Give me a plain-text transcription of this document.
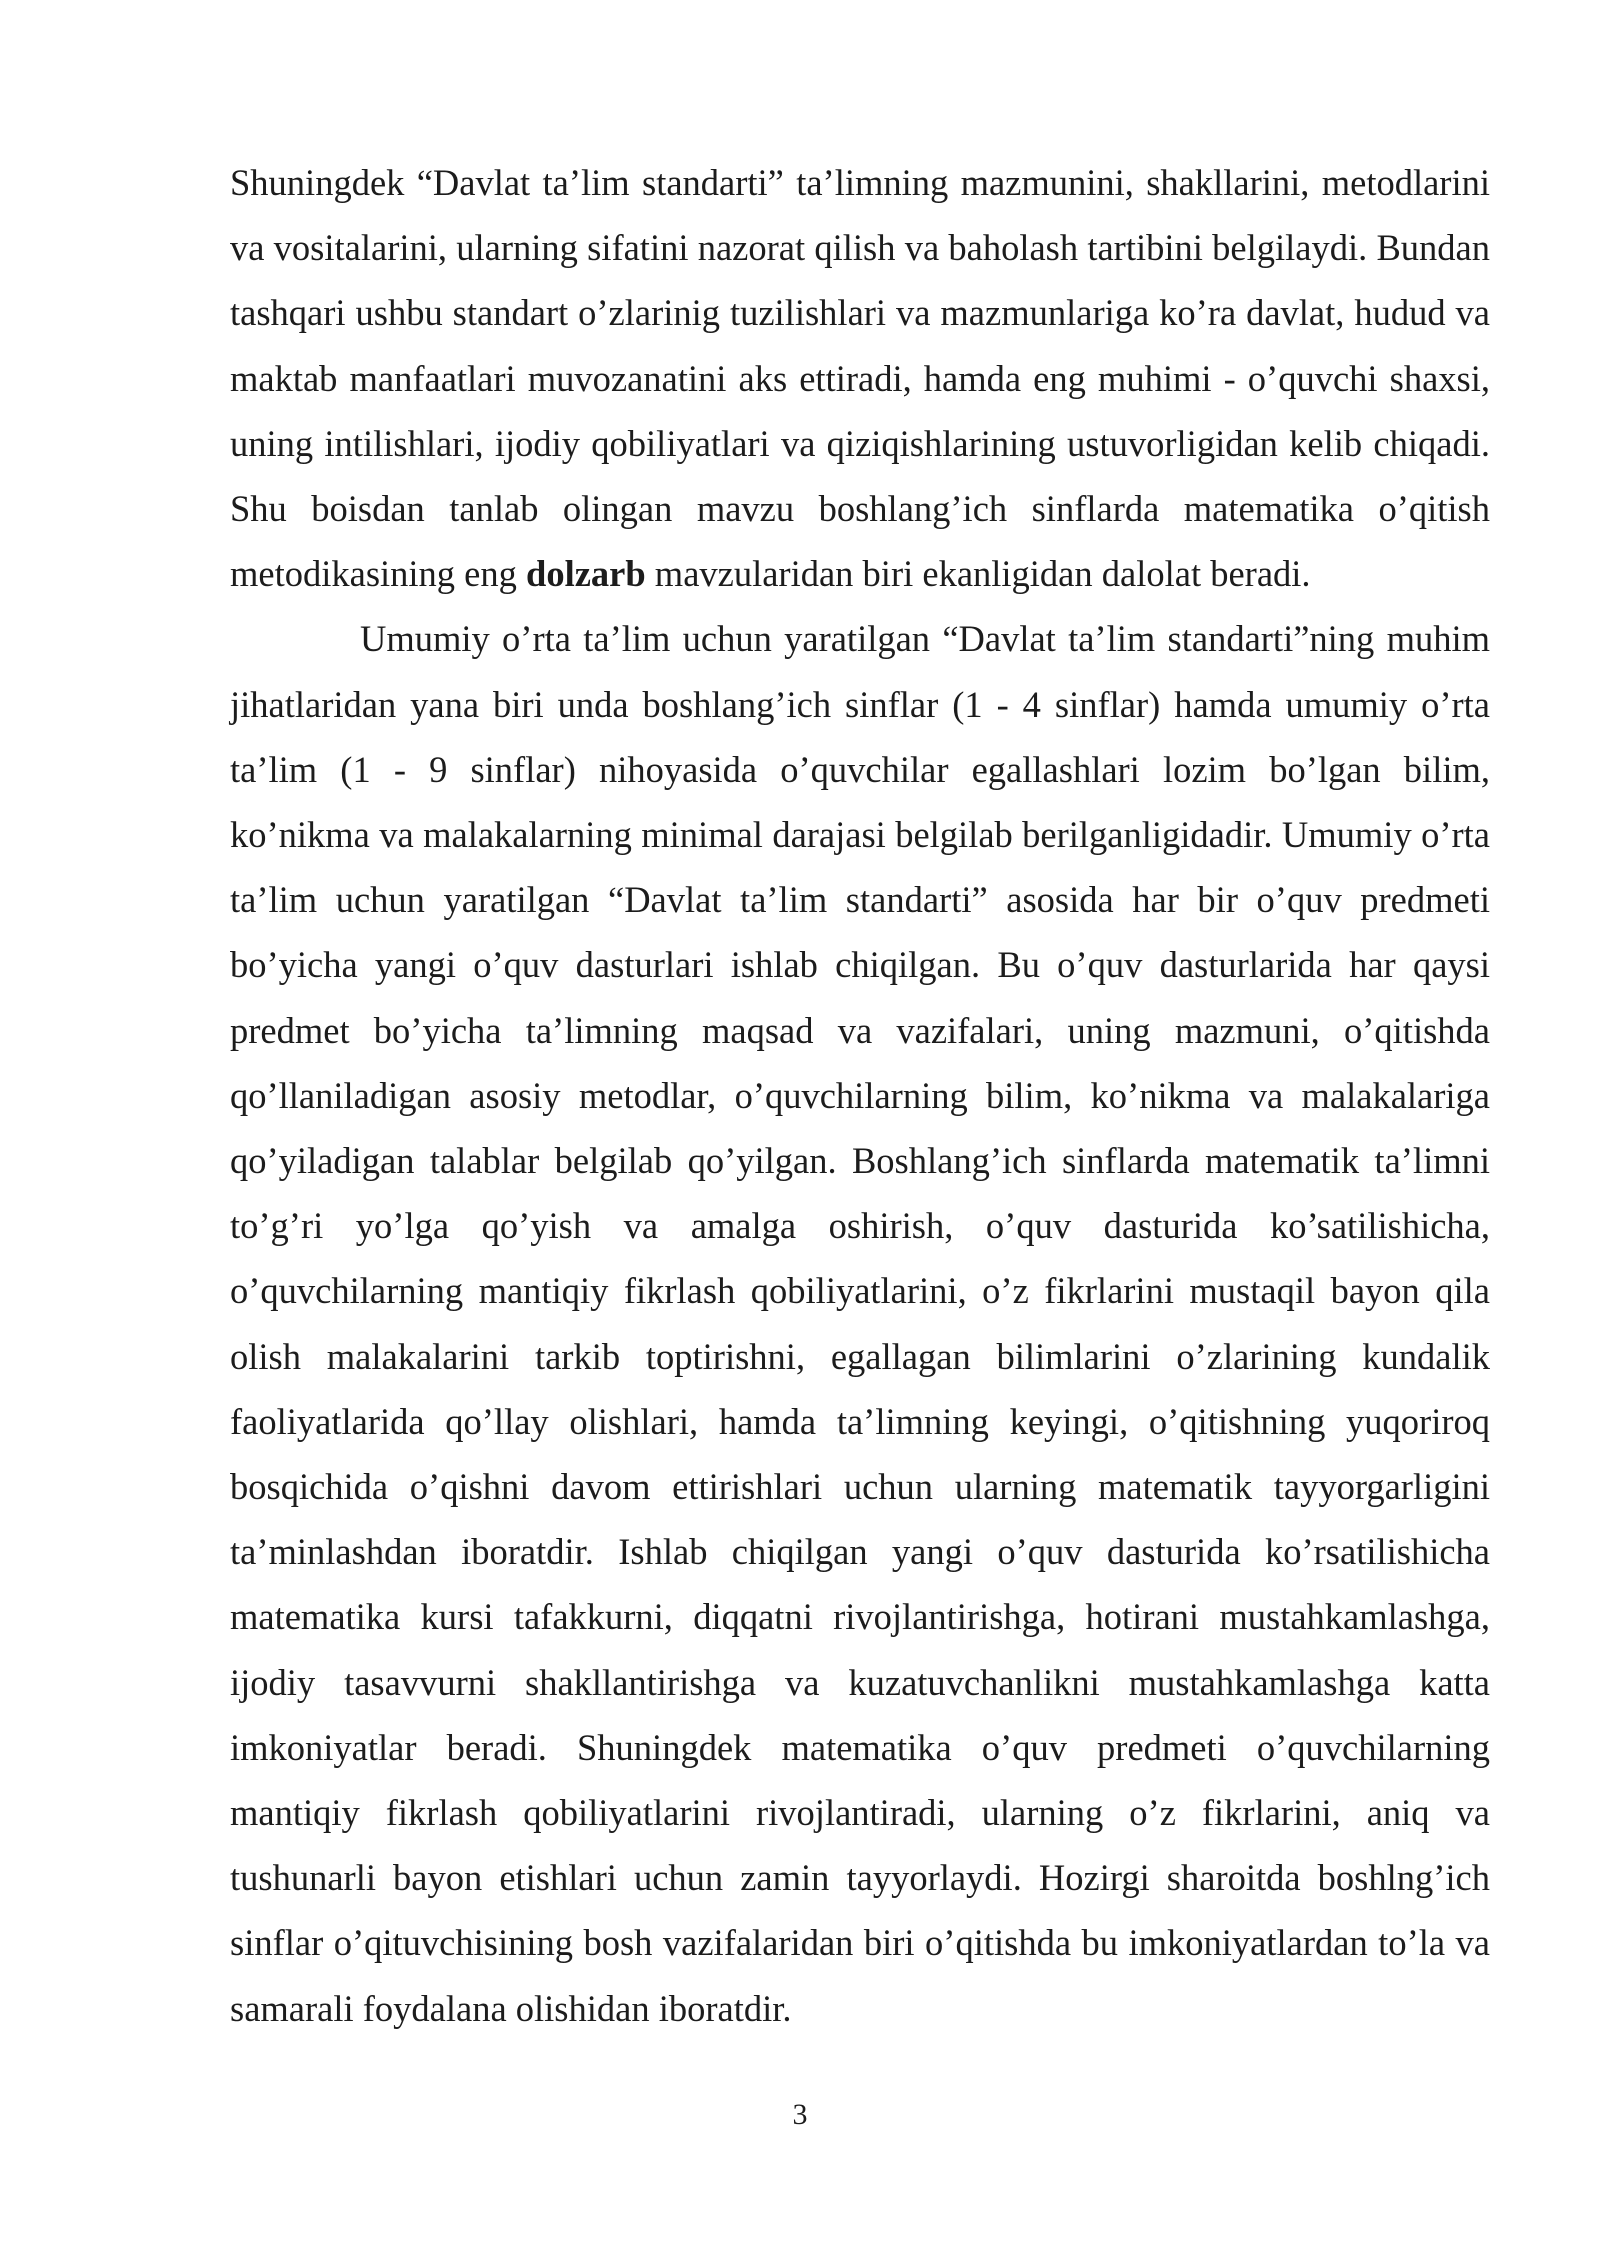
Shuningdek “Davlat ta’lim standarti” ta’limning mazmunini, shakllarini, metodlarini va vositalarini, ularning sifatini nazorat qilish va baholash tartibini belgilaydi. Bundan tashqari ushbu standart o’zlarinig tuzilishlari va mazmunlariga ko’ra davlat, hudud va maktab manfaatlari muvozanatini aks ettiradi, hamda eng muhimi - o’quvchi shaxsi, uning intilishlari, ijodiy qobiliyatlari va qiziqishlarining ustuvorligidan kelib chiqadi. Shu boisdan tanlab olingan mavzu boshlang’ich sinflarda matematika o’qitish metodikasining eng dolzarb mavzularidan biri ekanligidan dalolat beradi.

Umumiy o’rta ta’lim uchun yaratilgan “Davlat ta’lim standarti”ning muhim jihatlaridan yana biri unda boshlang’ich sinflar (1 - 4 sinflar) hamda umumiy o’rta ta’lim (1 - 9 sinflar) nihoyasida o’quvchilar egallashlari lozim bo’lgan bilim, ko’nikma va malakalarning minimal darajasi belgilab berilganligidadir. Umumiy o’rta ta’lim uchun yaratilgan “Davlat ta’lim standarti” asosida har bir o’quv predmeti bo’yicha yangi o’quv dasturlari ishlab chiqilgan. Bu o’quv dasturlarida har qaysi predmet bo’yicha ta’limning maqsad va vazifalari, uning mazmuni, o’qitishda qo’llaniladigan asosiy metodlar, o’quvchilarning bilim, ko’nikma va malakalariga qo’yiladigan talablar belgilab qo’yilgan. Boshlang’ich sinflarda matematik ta’limni to’g’ri yo’lga qo’yish va amalga oshirish, o’quv dasturida ko’satilishicha, o’quvchilarning mantiqiy fikrlash qobiliyatlarini, o’z fikrlarini mustaqil bayon qila olish malakalarini tarkib toptirishni, egallagan bilimlarini o’zlarining kundalik faoliyatlarida qo’llay olishlari, hamda ta’limning keyingi, o’qitishning yuqoriroq bosqichida o’qishni davom ettirishlari uchun ularning matematik tayyorgarligini ta’minlashdan iboratdir. Ishlab chiqilgan yangi o’quv dasturida ko’rsatilishicha matematika kursi tafakkurni, diqqatni rivojlantirishga, hotirani mustahkamlashga, ijodiy tasavvurni shakllantirishga va kuzatuvchanlikni mustahkamlashga katta imkoniyatlar beradi. Shuningdek matematika o’quv predmeti o’quvchilarning mantiqiy fikrlash qobiliyatlarini rivojlantiradi, ularning o’z fikrlarini, aniq va tushunarli bayon etishlari uchun zamin tayyorlaydi. Hozirgi sharoitda boshlng’ich sinflar o’qituvchisining bosh vazifalaridan biri o’qitishda bu imkoniyatlardan to’la va samarali foydalana olishidan iboratdir.

3
